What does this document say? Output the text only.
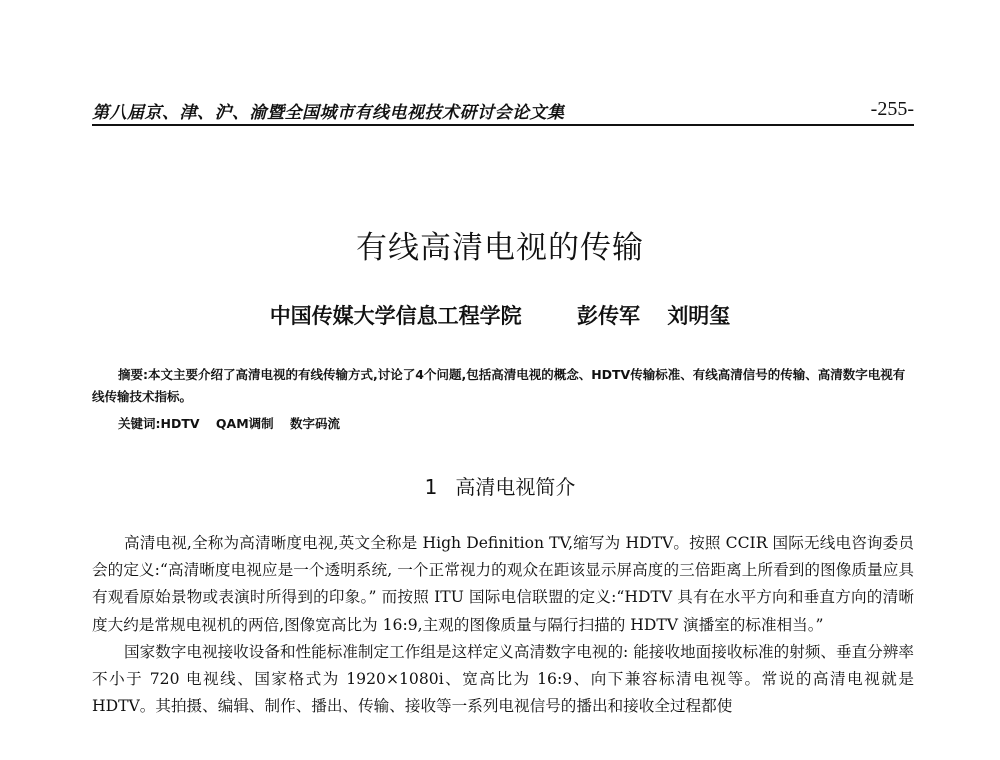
第八届京、津、沪、渝暨全国城市有线电视技术研讨会论文集	-255-
有线高清电视的传输
中国传媒大学信息工程学院	彭传军 刘明玺
摘要:本文主要介绍了高清电视的有线传输方式,讨论了4个问题,包括高清电视的概念、HDTV传输标准、有线高清信号的传输、高清数字电视有线传输技术指标。
关键词:HDTV QAM调制 数字码流
1 高清电视简介

高清电视,全称为高清晰度电视,英文全称是 High Definition TV,缩写为 HDTV。按照 CCIR 国际无线电咨询委员会的定义:“高清晰度电视应是一个透明系统, 一个正常视力的观众在距该显示屏高度的三倍距离上所看到的图像质量应具有观看原始景物或表演时所得到的印象。” 而按照 ITU 国际电信联盟的定义:“HDTV 具有在水平方向和垂直方向的清晰度大约是常规电视机的两倍,图像宽高比为 16:9,主观的图像质量与隔行扫描的 HDTV 演播室的标准相当。”

国家数字电视接收设备和性能标准制定工作组是这样定义高清数字电视的: 能接收地面接收标准的射频、垂直分辨率不小于 720 电视线、国家格式为 1920×1080i、宽高比为 16:9、向下兼容标清电视等。常说的高清电视就是 HDTV。其拍摄、编辑、制作、播出、传输、接收等一系列电视信号的播出和接收全过程都使
